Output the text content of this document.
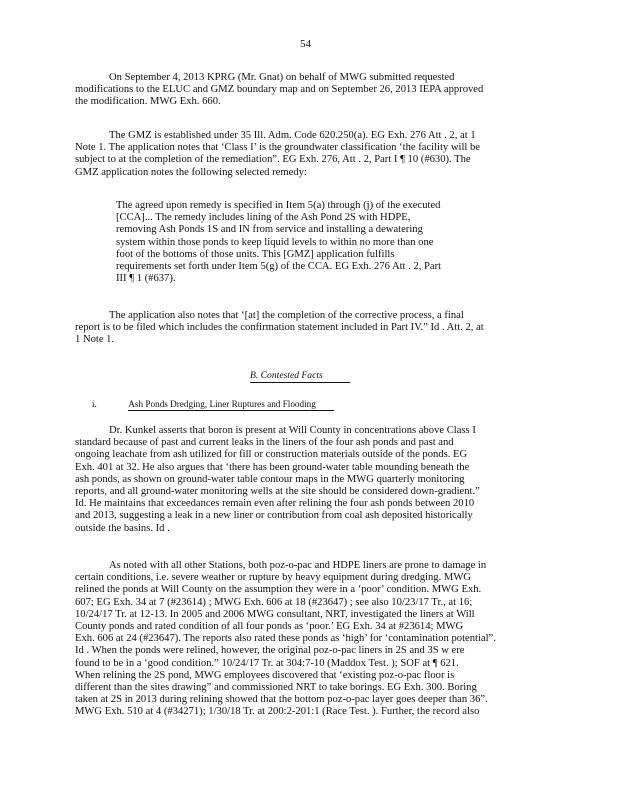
54
On September 4, 2013 KPRG (Mr. Gnat) on behalf of MWG submitted requested
modifications to the ELUC and GMZ boundary map and on September 26, 2013 IEPA approved
the modification. MWG Exh. 660.
The GMZ is established under 35 Ill. Adm. Code 620.250(a). EG Exh. 276 Att . 2, at 1
Note 1. The application notes that ‘Class I’ is the groundwater classification ‘the facility will be
subject to at the completion of the remediation”. EG Exh. 276, Att . 2, Part I ¶ 10 (#630). The
GMZ application notes the following selected remedy:
The agreed upon remedy is specified in Item 5(a) through (j) of the executed
[CCA]... The remedy includes lining of the Ash Pond 2S with HDPE,
removing Ash Ponds 1S and IN from service and installing a dewatering
system within those ponds to keep liquid levels to within no more than one
foot of the bottoms of those units. This [GMZ] application fulfills
requirements set forth under Item 5(g) of the CCA. EG Exh. 276 Att . 2, Part
III ¶ 1 (#637).
The application also notes that ‘[at] the completion of the corrective process, a final
report is to be filed which includes the confirmation statement included in Part IV.” Id . Att. 2, at
1 Note 1.
B. Contested Facts
i.	Ash Ponds Dredging, Liner Ruptures and Flooding
Dr. Kunkel asserts that boron is present at Will County in concentrations above Class I
standard because of past and current leaks in the liners of the four ash ponds and past and
ongoing leachate from ash utilized for fill or construction materials outside of the ponds. EG
Exh. 401 at 32. He also argues that ‘there has been ground-water table mounding beneath the
ash ponds, as shown on ground-water table contour maps in the MWG quarterly monitoring
reports, and all ground-water monitoring wells at the site should be considered down-gradient.”
Id. He maintains that exceedances remain even after relining the four ash ponds between 2010
and 2013, suggesting a leak in a new liner or contribution from coal ash deposited historically
outside the basins. Id .
As noted with all other Stations, both poz-o-pac and HDPE liners are prone to damage in
certain conditions, i.e. severe weather or rupture by heavy equipment during dredging. MWG
relined the ponds at Will County on the assumption they were in a ‘poor’ condition. MWG Exh.
607; EG Exh. 34 at 7 (#23614) ; MWG Exh. 606 at 18 (#23647) ; see also 10/23/17 Tr., at 16;
10/24/17 Tr. at 12-13. In 2005 and 2006 MWG consultant, NRT, investigated the liners at Will
County ponds and rated condition of all four ponds as ‘poor.’ EG Exh. 34 at #23614; MWG
Exh. 606 at 24 (#23647). The reports also rated these ponds as ‘high’ for ‘contamination potential”.
Id . When the ponds were relined, however, the original poz-o-pac liners in 2S and 3S w ere
found to be in a ‘good condition.” 10/24/17 Tr. at 304:7-10 (Maddox Test. ); SOF at ¶ 621.
When relining the 2S pond, MWG employees discovered that ‘existing poz-o-pac floor is
different than the sites drawing” and commissioned NRT to take borings. EG Exh. 300. Boring
taken at 2S in 2013 during relining showed that the bottom poz-o-pac layer goes deeper than 36”.
MWG Exh. 510 at 4 (#34271); 1/30/18 Tr. at 200:2-201:1 (Race Test. ). Further, the record also
